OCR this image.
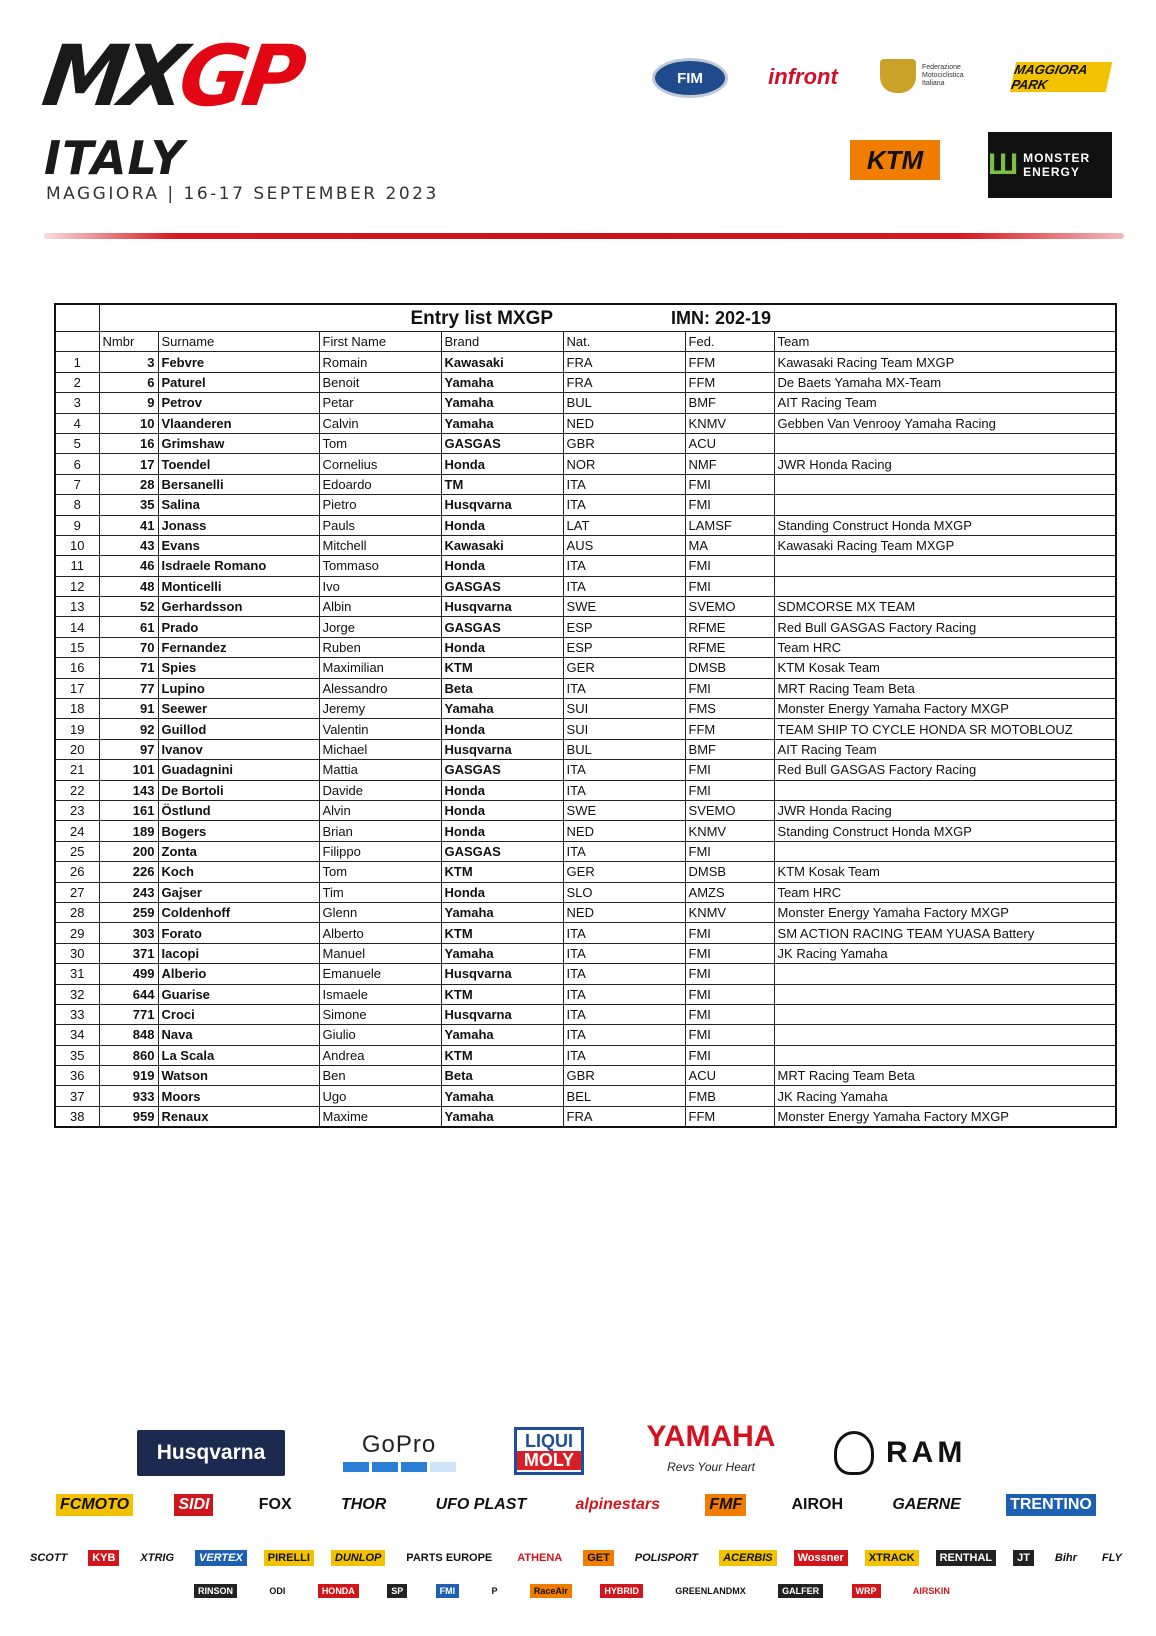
MXGP
ITALY
MAGGIORA | 16-17 SEPTEMBER 2023
FIM	infront	Federazione Motociclistica Italiana
MAGGIORA PARK
KTM Ш MONSTER ENERGY
	Entry list MXGP				IMN: 202-19		
	Nmbr	Surname	First Name	Brand	Nat.	Fed.	Team
1	3	Febvre	Romain	Kawasaki	FRA	FFM	Kawasaki Racing Team MXGP
2	6	Paturel	Benoit	Yamaha	FRA	FFM	De Baets Yamaha MX-Team
3	9	Petrov	Petar	Yamaha	BUL	BMF	AIT Racing Team
4	10	Vlaanderen	Calvin	Yamaha	NED	KNMV	Gebben Van Venrooy Yamaha Racing
5	16	Grimshaw	Tom	GASGAS	GBR	ACU	
6	17	Toendel	Cornelius	Honda	NOR	NMF	JWR Honda Racing
7	28	Bersanelli	Edoardo	TM	ITA	FMI	
8	35	Salina	Pietro	Husqvarna	ITA	FMI	
9	41	Jonass	Pauls	Honda	LAT	LAMSF	Standing Construct Honda MXGP
10	43	Evans	Mitchell	Kawasaki	AUS	MA	Kawasaki Racing Team MXGP
11	46	Isdraele Romano	Tommaso	Honda	ITA	FMI	
12	48	Monticelli	Ivo	GASGAS	ITA	FMI	
13	52	Gerhardsson	Albin	Husqvarna	SWE	SVEMO	SDMCORSE MX TEAM
14	61	Prado	Jorge	GASGAS	ESP	RFME	Red Bull GASGAS Factory Racing
15	70	Fernandez	Ruben	Honda	ESP	RFME	Team HRC
16	71	Spies	Maximilian	KTM	GER	DMSB	KTM Kosak Team
17	77	Lupino	Alessandro	Beta	ITA	FMI	MRT Racing Team Beta
18	91	Seewer	Jeremy	Yamaha	SUI	FMS	Monster Energy Yamaha Factory MXGP
19	92	Guillod	Valentin	Honda	SUI	FFM	TEAM SHIP TO CYCLE HONDA SR MOTOBLOUZ
20	97	Ivanov	Michael	Husqvarna	BUL	BMF	AIT Racing Team
21	101	Guadagnini	Mattia	GASGAS	ITA	FMI	Red Bull GASGAS Factory Racing
22	143	De Bortoli	Davide	Honda	ITA	FMI	
23	161	Östlund	Alvin	Honda	SWE	SVEMO	JWR Honda Racing
24	189	Bogers	Brian	Honda	NED	KNMV	Standing Construct Honda MXGP
25	200	Zonta	Filippo	GASGAS	ITA	FMI	
26	226	Koch	Tom	KTM	GER	DMSB	KTM Kosak Team
27	243	Gajser	Tim	Honda	SLO	AMZS	Team HRC
28	259	Coldenhoff	Glenn	Yamaha	NED	KNMV	Monster Energy Yamaha Factory MXGP
29	303	Forato	Alberto	KTM	ITA	FMI	SM ACTION RACING TEAM YUASA Battery
30	371	Iacopi	Manuel	Yamaha	ITA	FMI	JK Racing Yamaha
31	499	Alberio	Emanuele	Husqvarna	ITA	FMI	
32	644	Guarise	Ismaele	KTM	ITA	FMI	
33	771	Croci	Simone	Husqvarna	ITA	FMI	
34	848	Nava	Giulio	Yamaha	ITA	FMI	
35	860	La Scala	Andrea	KTM	ITA	FMI	
36	919	Watson	Ben	Beta	GBR	ACU	MRT Racing Team Beta
37	933	Moors	Ugo	Yamaha	BEL	FMB	JK Racing Yamaha
38	959	Renaux	Maxime	Yamaha	FRA	FFM	Monster Energy Yamaha Factory MXGP
Husqvarna	GoPro	LIQUI
MOLY
YAMAHA
Revs Your Heart	RAM
FCMOTO	SIDI	FOX	THOR	UFO PLAST	alpinestars	FMF	AIROH	GAERNE	TRENTINO
SCOTT	KYB	XTRIG	VERTEX	PIRELLI	DUNLOP	PARTS EUROPE	ATHENA	GET	POLISPORT	ACERBIS	Wossner	XTRACK	RENTHAL	JT	Bihr	FLY
RINSON	ODI	HONDA	SP	FMI	P	RaceAir	HYBRID	GREENLANDMX	GALFER	WRP	AIRSKIN
